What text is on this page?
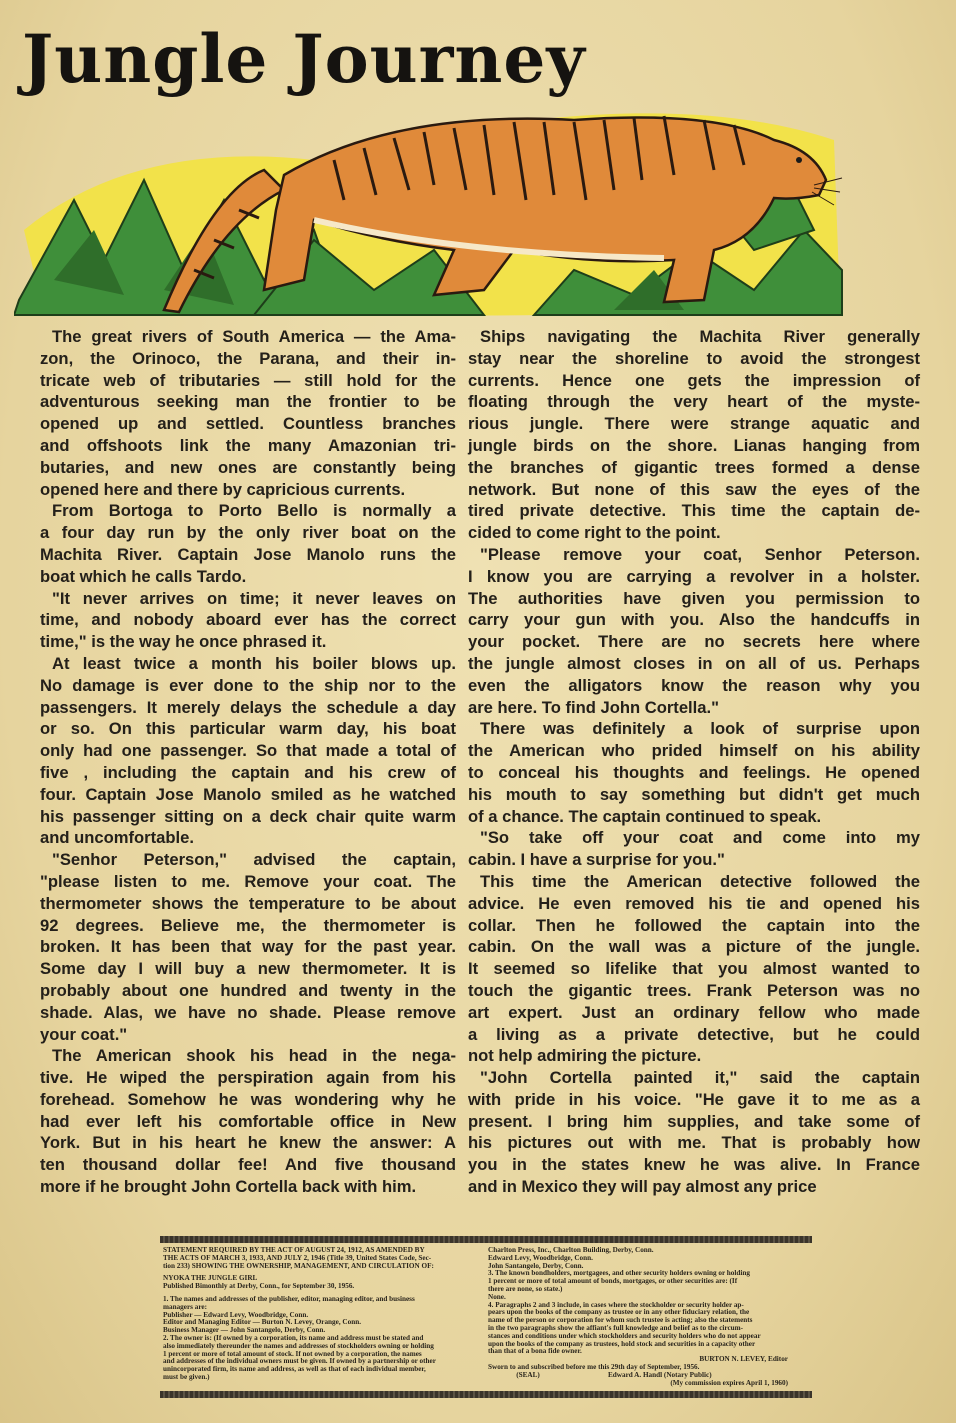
Jungle Journey
The great rivers of South America — the Ama-
zon, the Orinoco, the Parana, and their in-
tricate web of tributaries — still hold for the
adventurous seeking man the frontier to be
opened up and settled. Countless branches
and offshoots link the many Amazonian tri-
butaries, and new ones are constantly being
opened here and there by capricious currents.
From Bortoga to Porto Bello is normally a
a four day run by the only river boat on the
Machita River. Captain Jose Manolo runs the
boat which he calls Tardo.
"It never arrives on time; it never leaves on
time, and nobody aboard ever has the correct
time," is the way he once phrased it.
At least twice a month his boiler blows up.
No damage is ever done to the ship nor to the
passengers. It merely delays the schedule a day
or so. On this particular warm day, his boat
only had one passenger. So that made a total of
five , including the captain and his crew of
four. Captain Jose Manolo smiled as he watched
his passenger sitting on a deck chair quite warm
and uncomfortable.
"Senhor Peterson," advised the captain,
"please listen to me. Remove your coat. The
thermometer shows the temperature to be about
92 degrees. Believe me, the thermometer is
broken. It has been that way for the past year.
Some day I will buy a new thermometer. It is
probably about one hundred and twenty in the
shade. Alas, we have no shade. Please remove
your coat."
The American shook his head in the nega-
tive. He wiped the perspiration again from his
forehead. Somehow he was wondering why he
had ever left his comfortable office in New
York. But in his heart he knew the answer: A
ten thousand dollar fee! And five thousand
more if he brought John Cortella back with him.
Ships navigating the Machita River generally
stay near the shoreline to avoid the strongest
currents. Hence one gets the impression of
floating through the very heart of the myste-
rious jungle. There were strange aquatic and
jungle birds on the shore. Lianas hanging from
the branches of gigantic trees formed a dense
network. But none of this saw the eyes of the
tired private detective. This time the captain de-
cided to come right to the point.
"Please remove your coat, Senhor Peterson.
I know you are carrying a revolver in a holster.
The authorities have given you permission to
carry your gun with you. Also the handcuffs in
your pocket. There are no secrets here where
the jungle almost closes in on all of us. Perhaps
even the alligators know the reason why you
are here. To find John Cortella."
There was definitely a look of surprise upon
the American who prided himself on his ability
to conceal his thoughts and feelings. He opened
his mouth to say something but didn't get much
of a chance. The captain continued to speak.
"So take off your coat and come into my
cabin. I have a surprise for you."
This time the American detective followed the
advice. He even removed his tie and opened his
collar. Then he followed the captain into the
cabin. On the wall was a picture of the jungle.
It seemed so lifelike that you almost wanted to
touch the gigantic trees. Frank Peterson was no
art expert. Just an ordinary fellow who made
a living as a private detective, but he could
not help admiring the picture.
"John Cortella painted it," said the captain
with pride in his voice. "He gave it to me as a
present. I bring him supplies, and take some of
his pictures out with me. That is probably how
you in the states knew he was alive. In France
and in Mexico they will pay almost any price
STATEMENT REQUIRED BY THE ACT OF AUGUST 24, 1912, AS AMENDED BY
THE ACTS OF MARCH 3, 1933, AND JULY 2, 1946 (Title 39, United States Code, Sec-
tion 233) SHOWING THE OWNERSHIP, MANAGEMENT, AND CIRCULATION OF:
NYOKA THE JUNGLE GIRL
Published Bimonthly at Derby, Conn., for September 30, 1956.
1. The names and addresses of the publisher, editor, managing editor, and business
managers are:
Publisher — Edward Levy, Woodbridge, Conn.
Editor and Managing Editor — Burton N. Levey, Orange, Conn.
Business Manager — John Santangelo, Derby, Conn.
2. The owner is: (If owned by a corporation, its name and address must be stated and
also immediately thereunder the names and addresses of stockholders owning or holding
1 percent or more of total amount of stock. If not owned by a corporation, the names
and addresses of the individual owners must be given. If owned by a partnership or other
unincorporated firm, its name and address, as well as that of each individual member,
must be given.)
Charlton Press, Inc., Charlton Building, Derby, Conn.
Edward Levy, Woodbridge, Conn.
John Santangelo, Derby, Conn.
3. The known bondholders, mortgagees, and other security holders owning or holding
1 percent or more of total amount of bonds, mortgages, or other securities are: (If
there are none, so state.)
None.
4. Paragraphs 2 and 3 include, in cases where the stockholder or security holder ap-
pears upon the books of the company as trustee or in any other fiduciary relation, the
name of the person or corporation for whom such trustee is acting; also the statements
in the two paragraphs show the affiant's full knowledge and belief as to the circum-
stances and conditions under which stockholders and security holders who do not appear
upon the books of the company as trustees, hold stock and securities in a capacity other
than that of a bona fide owner.
BURTON N. LEVEY, Editor
Sworn to and subscribed before me this 29th day of September, 1956.
(SEAL)	Edward A. Handl (Notary Public)
(My commission expires April 1, 1960)
